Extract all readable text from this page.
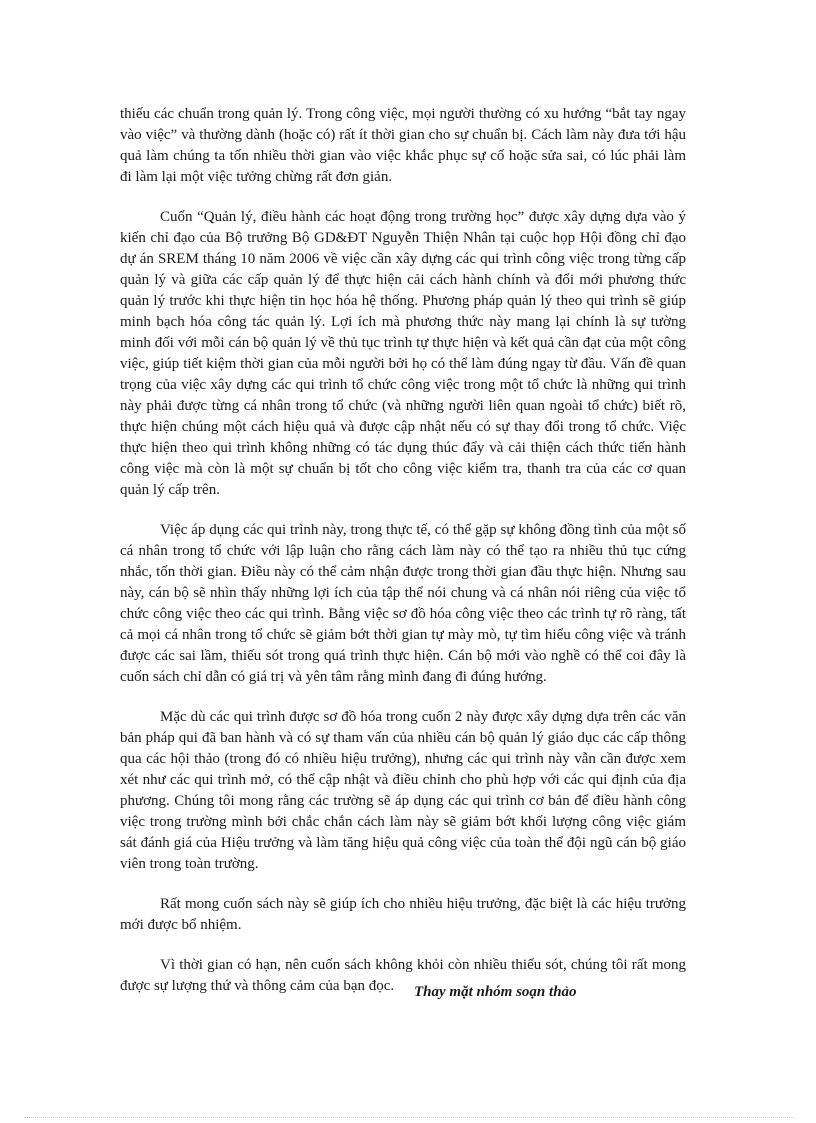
thiếu các chuẩn trong quản lý. Trong công việc, mọi người thường có xu hướng “bắt tay ngay vào việc” và thường dành (hoặc có) rất ít thời gian cho sự chuẩn bị. Cách làm này đưa tới hậu quả làm chúng ta tốn nhiều thời gian vào việc khắc phục sự cố hoặc sửa sai, có lúc phải làm đi làm lại một việc tưởng chừng rất đơn giản.

Cuốn “Quản lý, điều hành các hoạt động trong trường học” được xây dựng dựa vào ý kiến chỉ đạo của Bộ trưởng Bộ GD&ĐT Nguyễn Thiện Nhân tại cuộc họp Hội đồng chỉ đạo dự án SREM tháng 10 năm 2006 về việc cần xây dựng các qui trình công việc trong từng cấp quản lý và giữa các cấp quản lý để thực hiện cải cách hành chính và đổi mới phương thức quản lý trước khi thực hiện tin học hóa hệ thống. Phương pháp quản lý theo qui trình sẽ giúp minh bạch hóa công tác quản lý. Lợi ích mà phương thức này mang lại chính là sự tường minh đối với mỗi cán bộ quản lý về thủ tục trình tự thực hiện và kết quả cần đạt của một công việc, giúp tiết kiệm thời gian của mỗi người bởi họ có thể làm đúng ngay từ đầu. Vấn đề quan trọng của việc xây dựng các qui trình tổ chức công việc trong một tổ chức là những qui trình này phải được từng cá nhân trong tổ chức (và những người liên quan ngoài tổ chức) biết rõ, thực hiện chúng một cách hiệu quả và được cập nhật nếu có sự thay đổi trong tổ chức. Việc thực hiện theo qui trình không những có tác dụng thúc đẩy và cải thiện cách thức tiến hành công việc mà còn là một sự chuẩn bị tốt cho công việc kiểm tra, thanh tra của các cơ quan quản lý cấp trên.

Việc áp dụng các qui trình này, trong thực tế, có thể gặp sự không đồng tình của một số cá nhân trong tổ chức với lập luận cho rằng cách làm này có thể tạo ra nhiều thủ tục cứng nhắc, tốn thời gian. Điều này có thể cảm nhận được trong thời gian đầu thực hiện. Nhưng sau này, cán bộ sẽ nhìn thấy những lợi ích của tập thể nói chung và cá nhân nói riêng của việc tổ chức công việc theo các qui trình. Bằng việc sơ đồ hóa công việc theo các trình tự rõ ràng, tất cả mọi cá nhân trong tổ chức sẽ giảm bớt thời gian tự mày mò, tự tìm hiểu công việc và tránh được các sai lầm, thiếu sót trong quá trình thực hiện. Cán bộ mới vào nghề có thể coi đây là cuốn sách chỉ dẫn có giá trị và yên tâm rằng mình đang đi đúng hướng.

Mặc dù các qui trình được sơ đồ hóa trong cuốn 2 này được xây dựng dựa trên các văn bản pháp qui đã ban hành và có sự tham vấn của nhiều cán bộ quản lý giáo dục các cấp thông qua các hội thảo (trong đó có nhiều hiệu trưởng), nhưng các qui trình này vẫn cần được xem xét như các qui trình mở, có thể cập nhật và điều chỉnh cho phù hợp với các qui định của địa phương. Chúng tôi mong rằng các trường sẽ áp dụng các qui trình cơ bản để điều hành công việc trong trường mình bởi chắc chắn cách làm này sẽ giảm bớt khối lượng công việc giám sát đánh giá của Hiệu trưởng và làm tăng hiệu quả công việc của toàn thể đội ngũ cán bộ giáo viên trong toàn trường.

Rất mong cuốn sách này sẽ giúp ích cho nhiều hiệu trưởng, đặc biệt là các hiệu trưởng mới được bổ nhiệm.

Vì thời gian có hạn, nên cuốn sách không khỏi còn nhiều thiếu sót, chúng tôi rất mong được sự lượng thứ và thông cảm của bạn đọc.	Thay mặt nhóm soạn thảo
